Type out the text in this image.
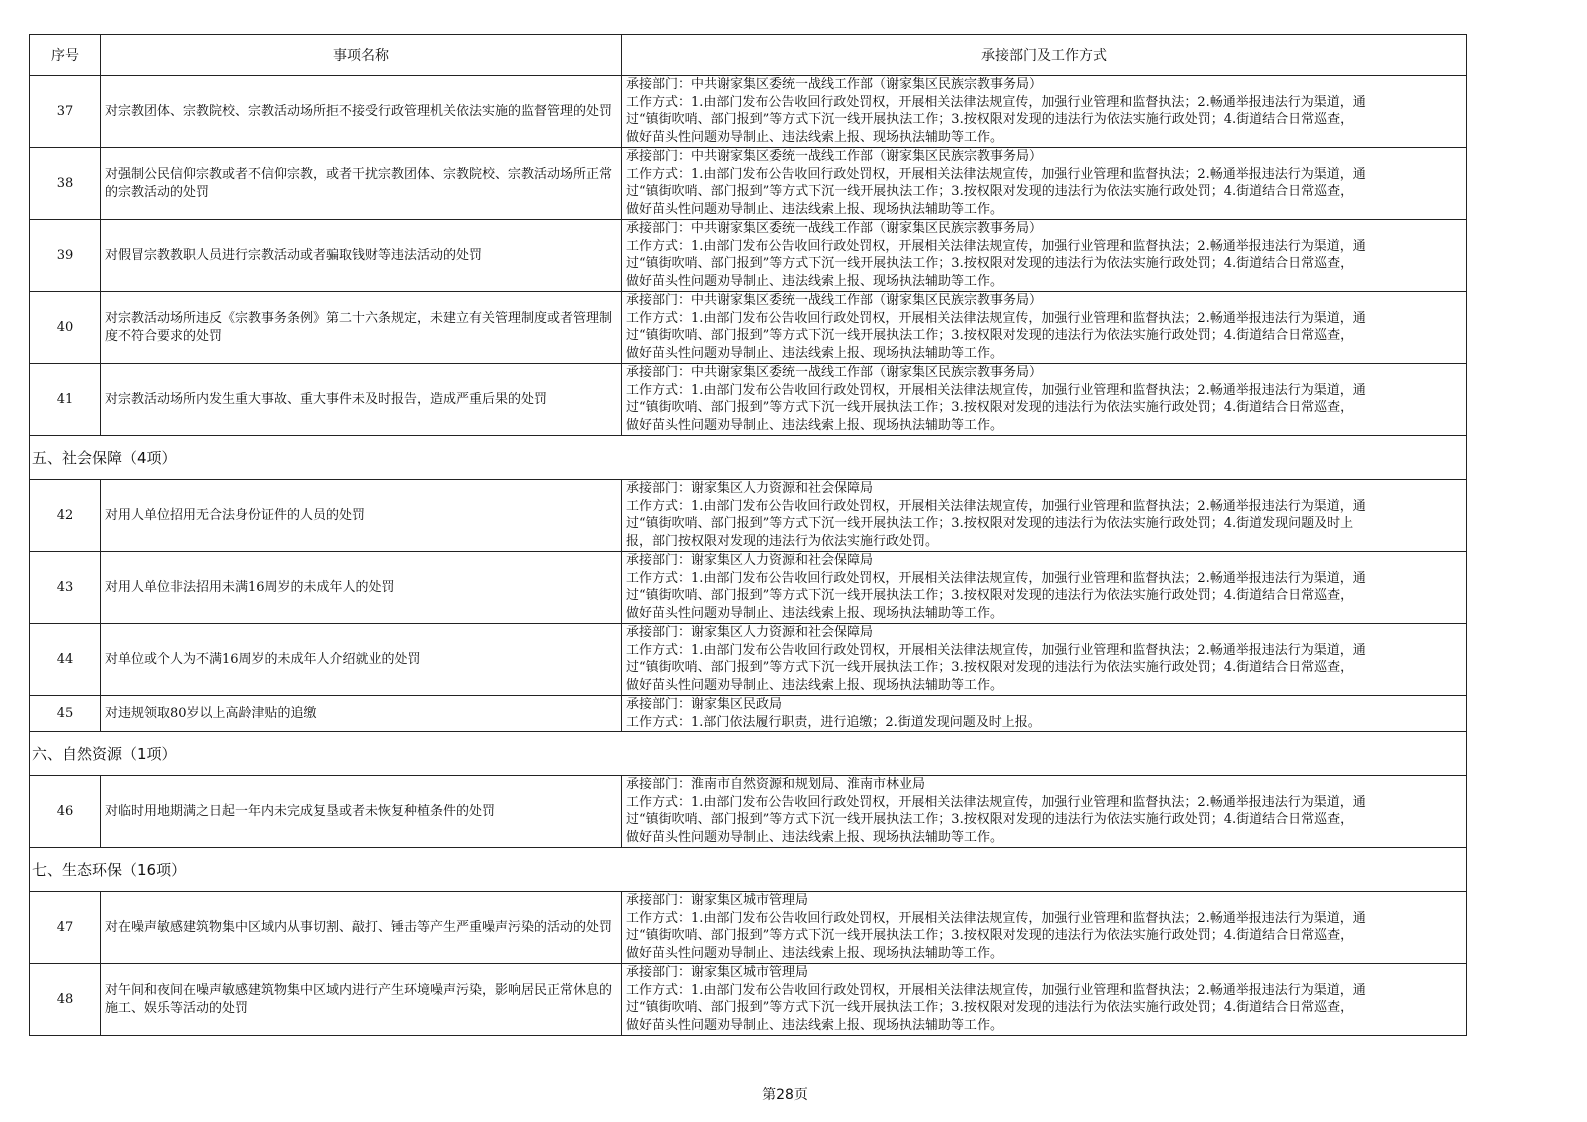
序号	事项名称	承接部门及工作方式
37	对宗教团体、宗教院校、宗教活动场所拒不接受行政管理机关依法实施的监督管理的处罚	承接部门：中共谢家集区委统一战线工作部（谢家集区民族宗教事务局）
工作方式：1.由部门发布公告收回行政处罚权，开展相关法律法规宣传，加强行业管理和监督执法；2.畅通举报违法行为渠道，通
过“镇街吹哨、部门报到”等方式下沉一线开展执法工作；3.按权限对发现的违法行为依法实施行政处罚；4.街道结合日常巡查，
做好苗头性问题劝导制止、违法线索上报、现场执法辅助等工作。

38	对强制公民信仰宗教或者不信仰宗教，或者干扰宗教团体、宗教院校、宗教活动场所正常的宗教活动的处罚	承接部门：中共谢家集区委统一战线工作部（谢家集区民族宗教事务局）
工作方式：1.由部门发布公告收回行政处罚权，开展相关法律法规宣传，加强行业管理和监督执法；2.畅通举报违法行为渠道，通
过“镇街吹哨、部门报到”等方式下沉一线开展执法工作；3.按权限对发现的违法行为依法实施行政处罚；4.街道结合日常巡查，
做好苗头性问题劝导制止、违法线索上报、现场执法辅助等工作。

39	对假冒宗教教职人员进行宗教活动或者骗取钱财等违法活动的处罚	承接部门：中共谢家集区委统一战线工作部（谢家集区民族宗教事务局）
工作方式：1.由部门发布公告收回行政处罚权，开展相关法律法规宣传，加强行业管理和监督执法；2.畅通举报违法行为渠道，通
过“镇街吹哨、部门报到”等方式下沉一线开展执法工作；3.按权限对发现的违法行为依法实施行政处罚；4.街道结合日常巡查，
做好苗头性问题劝导制止、违法线索上报、现场执法辅助等工作。

40	对宗教活动场所违反《宗教事务条例》第二十六条规定，未建立有关管理制度或者管理制度不符合要求的处罚	承接部门：中共谢家集区委统一战线工作部（谢家集区民族宗教事务局）
工作方式：1.由部门发布公告收回行政处罚权，开展相关法律法规宣传，加强行业管理和监督执法；2.畅通举报违法行为渠道，通
过“镇街吹哨、部门报到”等方式下沉一线开展执法工作；3.按权限对发现的违法行为依法实施行政处罚；4.街道结合日常巡查，
做好苗头性问题劝导制止、违法线索上报、现场执法辅助等工作。

41	对宗教活动场所内发生重大事故、重大事件未及时报告，造成严重后果的处罚	承接部门：中共谢家集区委统一战线工作部（谢家集区民族宗教事务局）
工作方式：1.由部门发布公告收回行政处罚权，开展相关法律法规宣传，加强行业管理和监督执法；2.畅通举报违法行为渠道，通
过“镇街吹哨、部门报到”等方式下沉一线开展执法工作；3.按权限对发现的违法行为依法实施行政处罚；4.街道结合日常巡查，
做好苗头性问题劝导制止、违法线索上报、现场执法辅助等工作。

五、社会保障（4项）		
42	对用人单位招用无合法身份证件的人员的处罚	承接部门：谢家集区人力资源和社会保障局
工作方式：1.由部门发布公告收回行政处罚权，开展相关法律法规宣传，加强行业管理和监督执法；2.畅通举报违法行为渠道，通
过“镇街吹哨、部门报到”等方式下沉一线开展执法工作；3.按权限对发现的违法行为依法实施行政处罚；4.街道发现问题及时上
报，部门按权限对发现的违法行为依法实施行政处罚。

43	对用人单位非法招用未满16周岁的未成年人的处罚	承接部门：谢家集区人力资源和社会保障局
工作方式：1.由部门发布公告收回行政处罚权，开展相关法律法规宣传，加强行业管理和监督执法；2.畅通举报违法行为渠道，通
过“镇街吹哨、部门报到”等方式下沉一线开展执法工作；3.按权限对发现的违法行为依法实施行政处罚；4.街道结合日常巡查，
做好苗头性问题劝导制止、违法线索上报、现场执法辅助等工作。

44	对单位或个人为不满16周岁的未成年人介绍就业的处罚	承接部门：谢家集区人力资源和社会保障局
工作方式：1.由部门发布公告收回行政处罚权，开展相关法律法规宣传，加强行业管理和监督执法；2.畅通举报违法行为渠道，通
过“镇街吹哨、部门报到”等方式下沉一线开展执法工作；3.按权限对发现的违法行为依法实施行政处罚；4.街道结合日常巡查，
做好苗头性问题劝导制止、违法线索上报、现场执法辅助等工作。

45	对违规领取80岁以上高龄津贴的追缴	承接部门：谢家集区民政局
工作方式：1.部门依法履行职责，进行追缴；2.街道发现问题及时上报。

六、自然资源（1项）		
46	对临时用地期满之日起一年内未完成复垦或者未恢复种植条件的处罚	承接部门：淮南市自然资源和规划局、淮南市林业局
工作方式：1.由部门发布公告收回行政处罚权，开展相关法律法规宣传，加强行业管理和监督执法；2.畅通举报违法行为渠道，通
过“镇街吹哨、部门报到”等方式下沉一线开展执法工作；3.按权限对发现的违法行为依法实施行政处罚；4.街道结合日常巡查，
做好苗头性问题劝导制止、违法线索上报、现场执法辅助等工作。

七、生态环保（16项）		
47	对在噪声敏感建筑物集中区域内从事切割、敲打、锤击等产生严重噪声污染的活动的处罚	承接部门：谢家集区城市管理局
工作方式：1.由部门发布公告收回行政处罚权，开展相关法律法规宣传，加强行业管理和监督执法；2.畅通举报违法行为渠道，通
过“镇街吹哨、部门报到”等方式下沉一线开展执法工作；3.按权限对发现的违法行为依法实施行政处罚；4.街道结合日常巡查，
做好苗头性问题劝导制止、违法线索上报、现场执法辅助等工作。

48	对午间和夜间在噪声敏感建筑物集中区域内进行产生环境噪声污染，影响居民正常休息的施工、娱乐等活动的处罚	承接部门：谢家集区城市管理局
工作方式：1.由部门发布公告收回行政处罚权，开展相关法律法规宣传，加强行业管理和监督执法；2.畅通举报违法行为渠道，通
过“镇街吹哨、部门报到”等方式下沉一线开展执法工作；3.按权限对发现的违法行为依法实施行政处罚；4.街道结合日常巡查，
做好苗头性问题劝导制止、违法线索上报、现场执法辅助等工作。
第28页
